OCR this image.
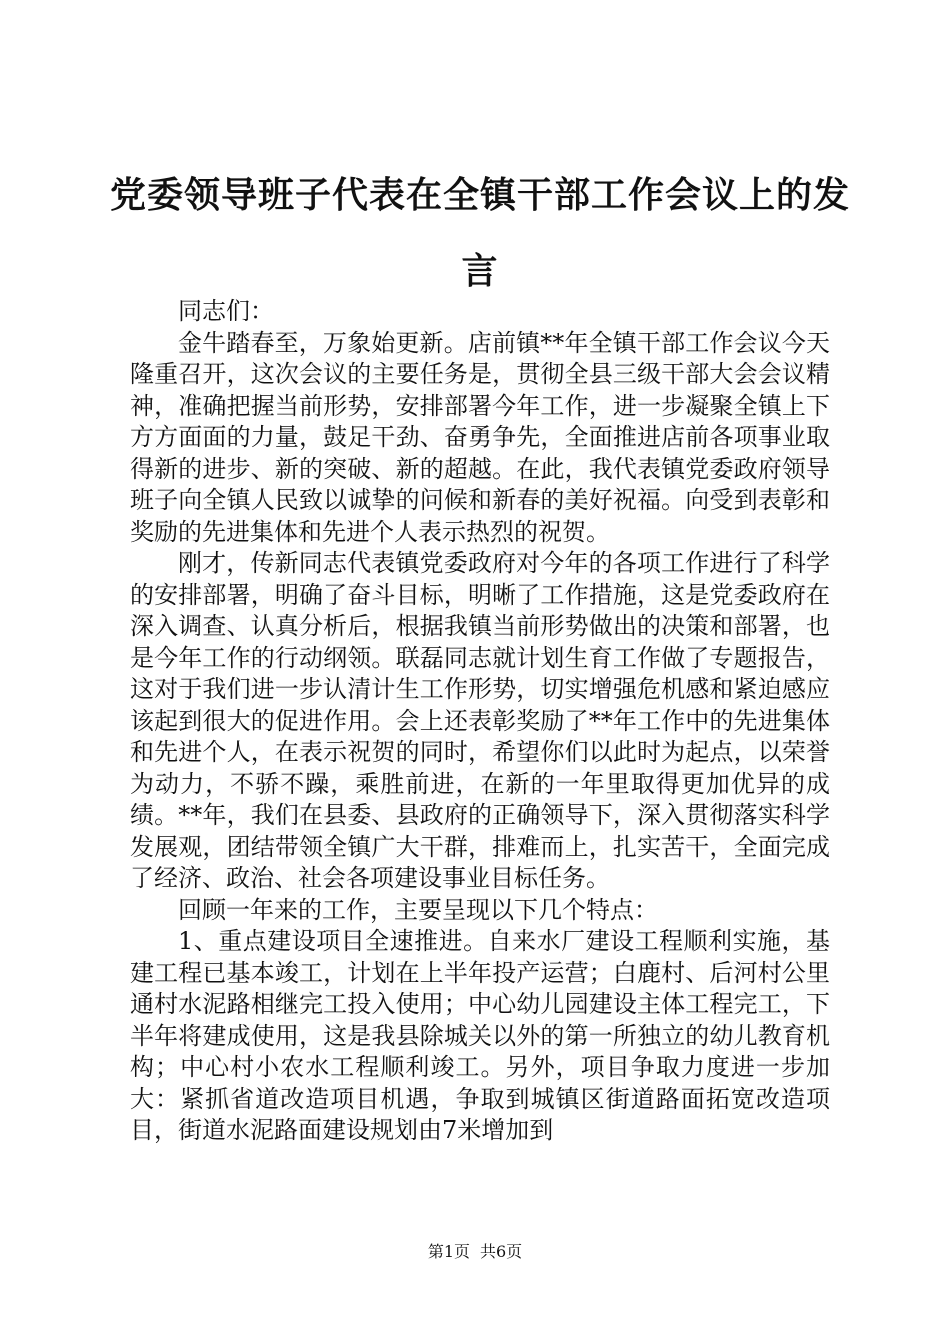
党委领导班子代表在全镇干部工作会议上的发言

同志们：

金牛踏春至，万象始更新。店前镇**年全镇干部工作会议今天隆重召开，这次会议的主要任务是，贯彻全县三级干部大会会议精神，准确把握当前形势，安排部署今年工作，进一步凝聚全镇上下方方面面的力量，鼓足干劲、奋勇争先，全面推进店前各项事业取得新的进步、新的突破、新的超越。在此，我代表镇党委政府领导班子向全镇人民致以诚挚的问候和新春的美好祝福。向受到表彰和奖励的先进集体和先进个人表示热烈的祝贺。

刚才，传新同志代表镇党委政府对今年的各项工作进行了科学的安排部署，明确了奋斗目标，明晰了工作措施，这是党委政府在深入调查、认真分析后，根据我镇当前形势做出的决策和部署，也是今年工作的行动纲领。联磊同志就计划生育工作做了专题报告，这对于我们进一步认清计生工作形势，切实增强危机感和紧迫感应该起到很大的促进作用。会上还表彰奖励了**年工作中的先进集体和先进个人，在表示祝贺的同时，希望你们以此时为起点，以荣誉为动力，不骄不躁，乘胜前进，在新的一年里取得更加优异的成绩。**年，我们在县委、县政府的正确领导下，深入贯彻落实科学发展观，团结带领全镇广大干群，排难而上，扎实苦干，全面完成了经济、政治、社会各项建设事业目标任务。

回顾一年来的工作，主要呈现以下几个特点：

1、重点建设项目全速推进。自来水厂建设工程顺利实施，基建工程已基本竣工，计划在上半年投产运营；白鹿村、后河村公里通村水泥路相继完工投入使用；中心幼儿园建设主体工程完工，下半年将建成使用，这是我县除城关以外的第一所独立的幼儿教育机构；中心村小农水工程顺利竣工。另外，项目争取力度进一步加大：紧抓省道改造项目机遇，争取到城镇区街道路面拓宽改造项目，街道水泥路面建设规划由7米增加到

第1页 共6页
